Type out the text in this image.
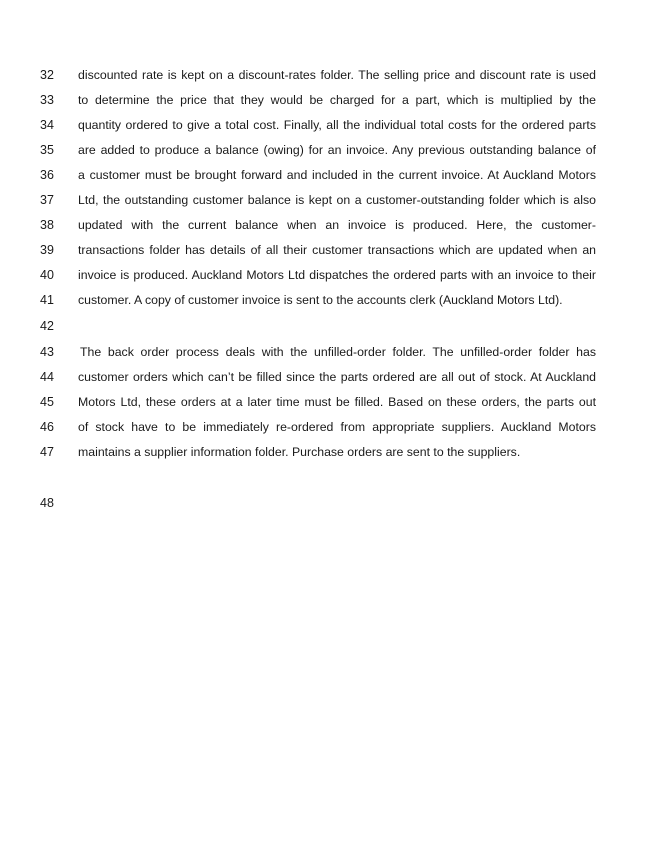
32	discounted rate is kept on a discount-rates folder. The selling price and discount rate is used
33	to determine the price that they would be charged for a part, which is multiplied by the
34	quantity ordered to give a total cost. Finally, all the individual total costs for the ordered parts
35	are added to produce a balance (owing) for an invoice. Any previous outstanding balance of
36	a customer must be brought forward and included in the current invoice. At Auckland Motors
37	Ltd, the outstanding customer balance is kept on a customer-outstanding folder which is also
38	updated with the current balance when an invoice is produced. Here, the customer-
39	transactions folder has details of all their customer transactions which are updated when an
40	invoice is produced. Auckland Motors Ltd dispatches the ordered parts with an invoice to their
41	customer. A copy of customer invoice is sent to the accounts clerk (Auckland Motors Ltd).
42
43	The back order process deals with the unfilled-order folder. The unfilled-order folder has
44	customer orders which can’t be filled since the parts ordered are all out of stock. At Auckland
45	Motors Ltd, these orders at a later time must be filled. Based on these orders, the parts out
46	of stock have to be immediately re-ordered from appropriate suppliers. Auckland Motors
47	maintains a supplier information folder. Purchase orders are sent to the suppliers.
48
